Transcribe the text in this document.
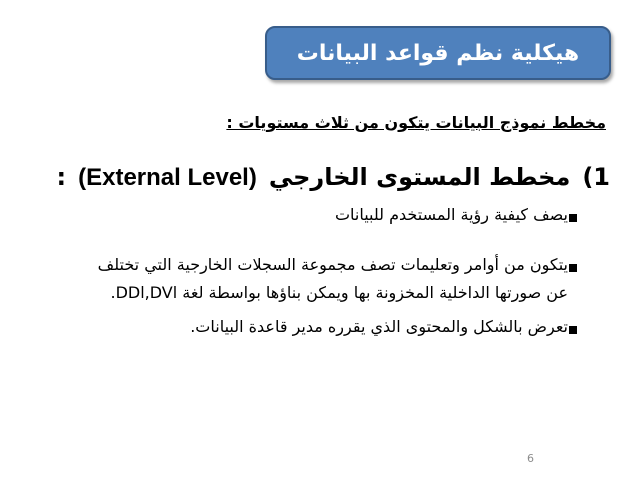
هيكلية نظم قواعد البيانات
مخطط نموذج البيانات يتكون من ثلاث مستويات :
1)
مخطط المستوى الخارجي
(External Level)
:
يصف كيفية رؤية المستخدم للبيانات
يتكون من أوامر وتعليمات تصف مجموعة السجلات الخارجية التي تختلف
عن صورتها الداخلية المخزونة بها ويمكن بناؤها بواسطة لغة DDl,DVl.
تعرض بالشكل والمحتوى الذي يقرره مدير قاعدة البيانات.
6
